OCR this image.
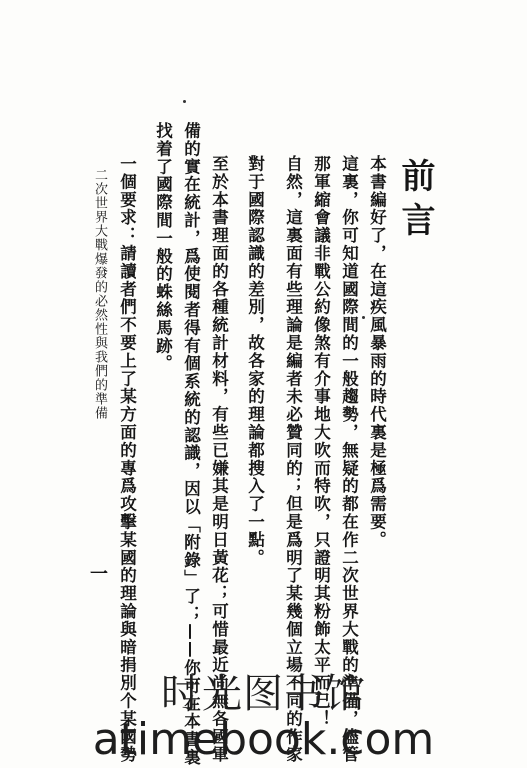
前言
本書編好了，在這疾風暴雨的時代裏是極爲需要。
這裏，你可知道國際間的一般趨勢，無疑的都在作二次世界大戰的準備，儘管
那軍縮會議非戰公約像煞有介事地大吹而特吹，只證明其粉飾太平而已！
自然，這裏面有些理論是編者未必贊同的；但是爲明了某幾個立場不同的作家
對于國際認識的差別，故各家的理論都搜入了一點。
至於本書理面的各種統計材料，有些已嫌其是明日黃花；可惜最近尚無各國軍
備的實在統計，爲使閱者得有個系統的認識，因以「附錄」了；——你可在本書裏
找着了國際間一般的蛛絲馬跡。
一個要求：請讀者們不要上了某方面的專爲攻擊某國的理論與暗捐別个某國勢
二次世界大戰爆發的必然性與我們的準備
一
时光图书馆
atimebook.com
